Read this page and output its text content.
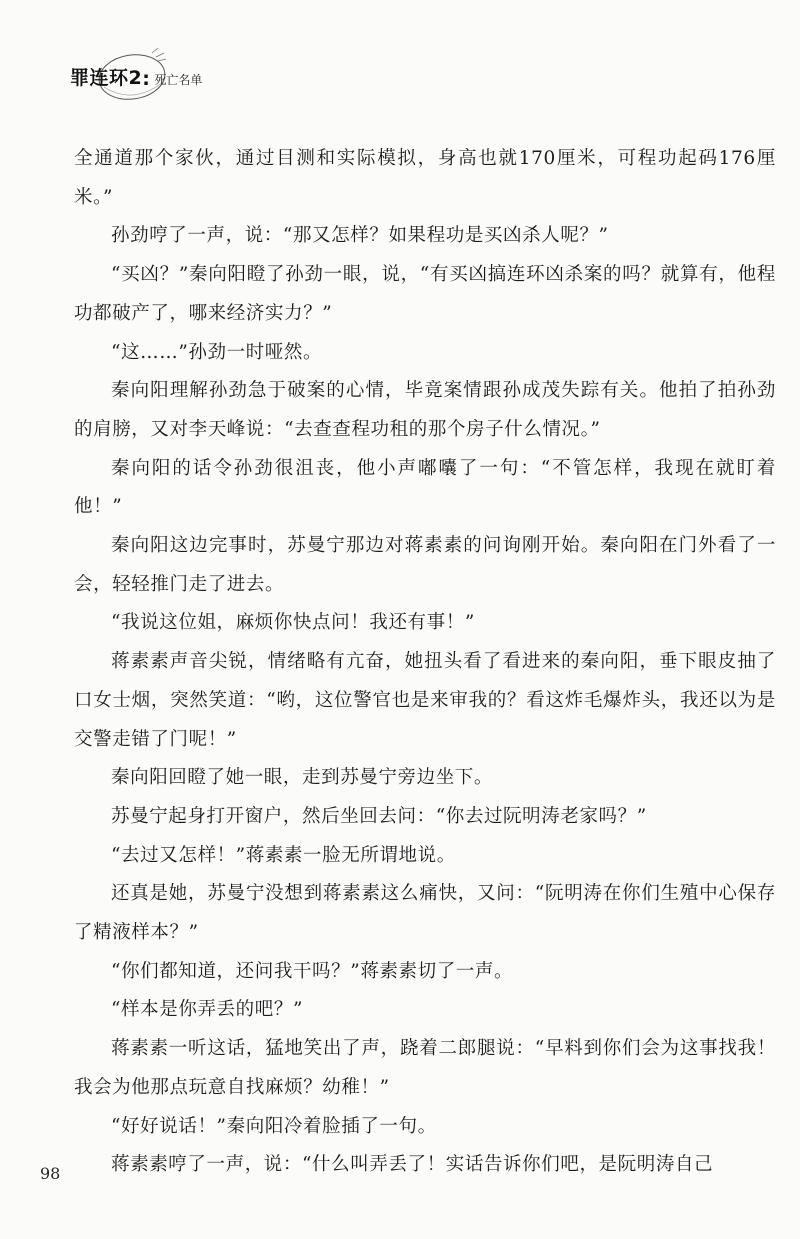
罪连环2 : 死亡名单

全通道那个家伙，通过目测和实际模拟，身高也就170厘米，可程功起码176厘米。”

孙劲哼了一声，说：“那又怎样？如果程功是买凶杀人呢？”

“买凶？”秦向阳瞪了孙劲一眼，说，“有买凶搞连环凶杀案的吗？就算有，他程功都破产了，哪来经济实力？”

“这……”孙劲一时哑然。

秦向阳理解孙劲急于破案的心情，毕竟案情跟孙成茂失踪有关。他拍了拍孙劲的肩膀，又对李天峰说：“去查查程功租的那个房子什么情况。”

秦向阳的话令孙劲很沮丧，他小声嘟囔了一句：“不管怎样，我现在就盯着他！”

秦向阳这边完事时，苏曼宁那边对蒋素素的问询刚开始。秦向阳在门外看了一会，轻轻推门走了进去。

“我说这位姐，麻烦你快点问！我还有事！”

蒋素素声音尖锐，情绪略有亢奋，她扭头看了看进来的秦向阳，垂下眼皮抽了口女士烟，突然笑道：“哟，这位警官也是来审我的？看这炸毛爆炸头，我还以为是交警走错了门呢！”

秦向阳回瞪了她一眼，走到苏曼宁旁边坐下。

苏曼宁起身打开窗户，然后坐回去问：“你去过阮明涛老家吗？”

“去过又怎样！”蒋素素一脸无所谓地说。

还真是她，苏曼宁没想到蒋素素这么痛快，又问：“阮明涛在你们生殖中心保存了精液样本？”

“你们都知道，还问我干吗？”蒋素素切了一声。

“样本是你弄丢的吧？”

蒋素素一听这话，猛地笑出了声，跷着二郎腿说：“早料到你们会为这事找我！我会为他那点玩意自找麻烦？幼稚！”

“好好说话！”秦向阳冷着脸插了一句。

蒋素素哼了一声，说：“什么叫弄丢了！实话告诉你们吧，是阮明涛自己

98
